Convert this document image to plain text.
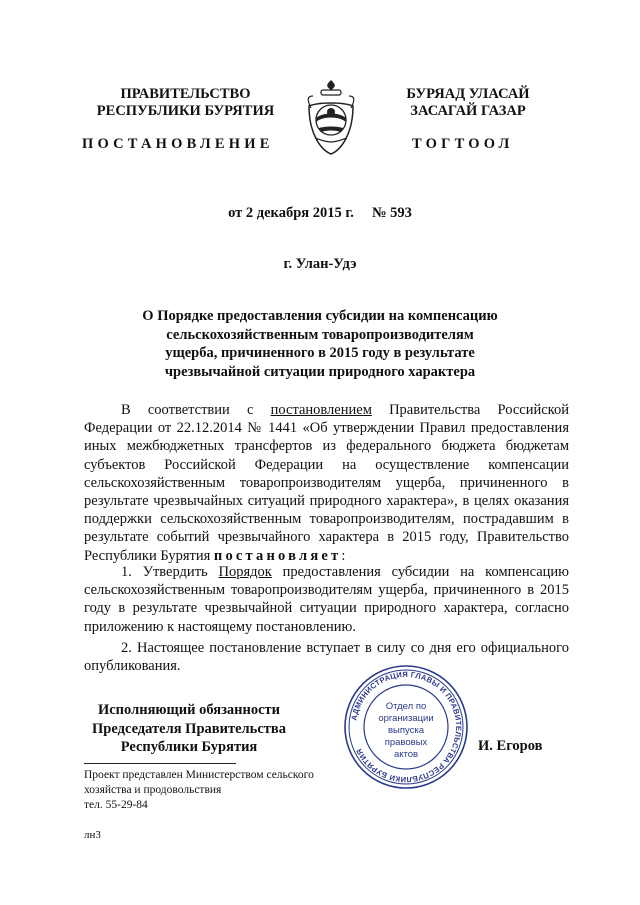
ПРАВИТЕЛЬСТВО
РЕСПУБЛИКИ БУРЯТИЯ
ПОСТАНОВЛЕНИЕ
БУРЯАД УЛАСАЙ
ЗАСАГАЙ ГАЗАР
ТОГТООЛ
от 2 декабря 2015 г. № 593
г. Улан-Удэ
О Порядке предоставления субсидии на компенсацию
сельскохозяйственным товаропроизводителям
ущерба, причиненного в 2015 году в результате
чрезвычайной ситуации природного характера
В соответствии с постановлением Правительства Российской Федерации от 22.12.2014 № 1441 «Об утверждении Правил предоставления иных межбюджетных трансфертов из федерального бюджета бюджетам субъектов Российской Федерации на осуществление компенсации сельскохозяйственным товаропроизводителям ущерба, причиненного в результате чрезвычайных ситуаций природного характера», в целях оказания поддержки сельскохозяйственным товаропроизводителям, пострадавшим в результате событий чрезвычайного характера в 2015 году, Правительство Республики Бурятия постановляет:
1. Утвердить Порядок предоставления субсидии на компенсацию сельскохозяйственным товаропроизводителям ущерба, причиненного в 2015 году в результате чрезвычайной ситуации природного характера, согласно приложению к настоящему постановлению.
2. Настоящее постановление вступает в силу со дня его официального опубликования.
Исполняющий обязанности
Председателя Правительства
Республики Бурятия
АДМИНИСТРАЦИЯ ГЛАВЫ И ПРАВИТЕЛЬСТВА РЕСПУБЛИКИ БУРЯТИЯ
Отдел по
организации
выпуска
правовых
актов
И. Егоров
Проект представлен Министерством сельского
хозяйства и продовольствия
тел. 55-29-84
лн3
